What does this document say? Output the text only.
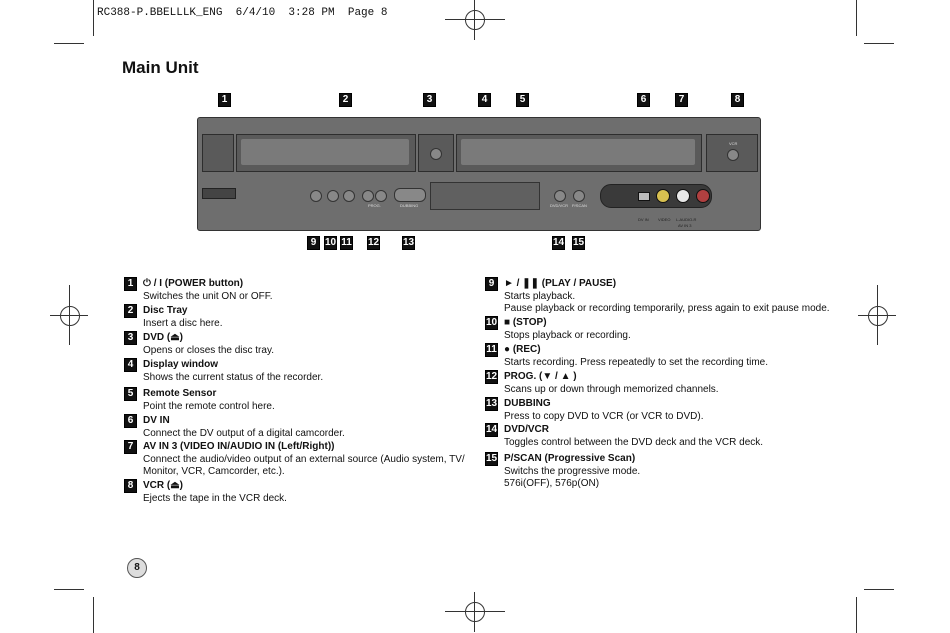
RC388-P.BBELLLK_ENG  6/4/10  3:28 PM  Page 8
Main Unit
1	2	3	4	5	6	7	8
VCR
PROG.	DUBBING	DVD/VCR P/SCAN
DV IN VIDEO L-AUDIO-R
AV IN 3
9 10 11 12 13	14 15
1 ⏻ / I (POWER button)
Switches the unit ON or OFF.
2 Disc Tray
Insert a disc here.
3 DVD (⏏)
Opens or closes the disc tray.
4 Display window
Shows the current status of the recorder.
5 Remote Sensor
Point the remote control here.
6 DV IN
Connect the DV output of a digital camcorder.
7 AV IN 3 (VIDEO IN/AUDIO IN (Left/Right))
Connect the audio/video output of an external source (Audio system, TV/
Monitor, VCR, Camcorder, etc.).
8 VCR (⏏)
Ejects the tape in the VCR deck.
9 ► / ❚❚ (PLAY / PAUSE)
Starts playback.
Pause playback or recording temporarily, press again to exit pause mode.
10 ■ (STOP)
Stops playback or recording.
11 ● (REC)
Starts recording. Press repeatedly to set the recording time.
12 PROG. (▼ / ▲ )
Scans up or down through memorized channels.
13 DUBBING
Press to copy DVD to VCR (or VCR to DVD).
14 DVD/VCR
Toggles control between the DVD deck and the VCR deck.
15 P/SCAN (Progressive Scan)
Switchs the progressive mode.
576i(OFF), 576p(ON)
8
